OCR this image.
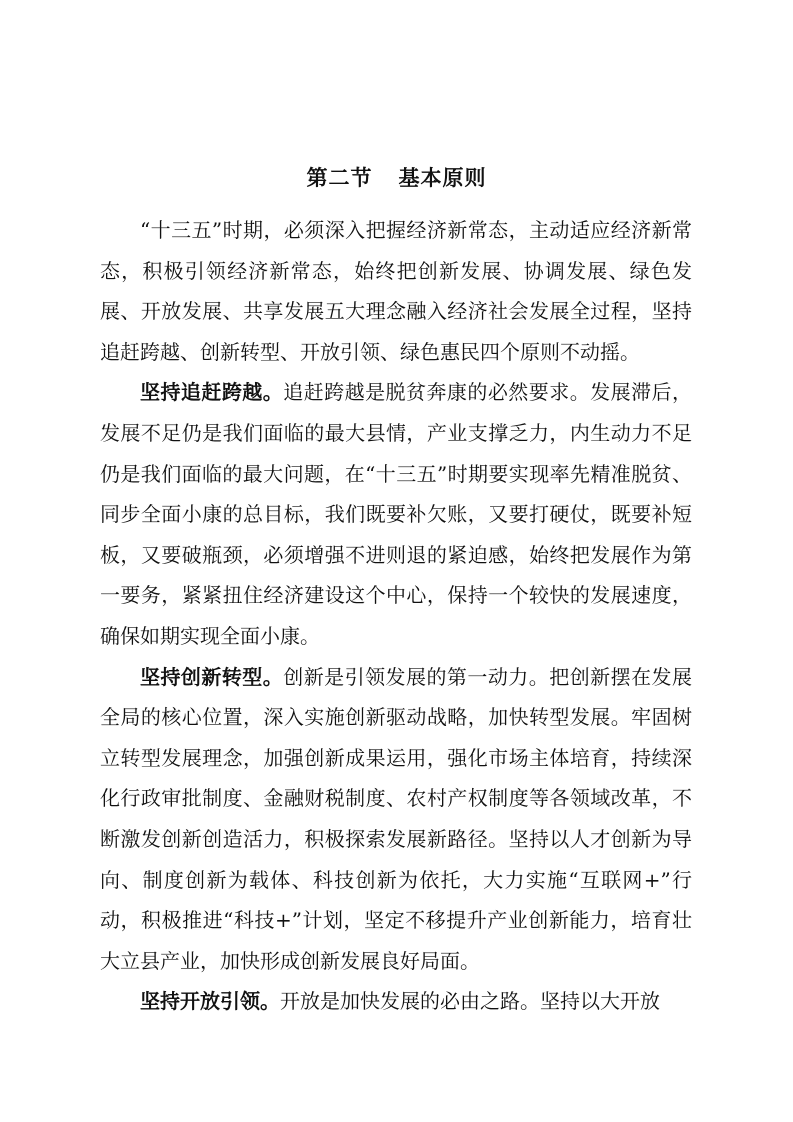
第二节 基本原则

“十三五”时期，必须深入把握经济新常态，主动适应经济新常态，积极引领经济新常态，始终把创新发展、协调发展、绿色发展、开放发展、共享发展五大理念融入经济社会发展全过程，坚持追赶跨越、创新转型、开放引领、绿色惠民四个原则不动摇。

坚持追赶跨越。追赶跨越是脱贫奔康的必然要求。发展滞后，发展不足仍是我们面临的最大县情，产业支撑乏力，内生动力不足仍是我们面临的最大问题，在“十三五”时期要实现率先精准脱贫、同步全面小康的总目标，我们既要补欠账，又要打硬仗，既要补短板，又要破瓶颈，必须增强不进则退的紧迫感，始终把发展作为第一要务，紧紧扭住经济建设这个中心，保持一个较快的发展速度，确保如期实现全面小康。

坚持创新转型。创新是引领发展的第一动力。把创新摆在发展全局的核心位置，深入实施创新驱动战略，加快转型发展。牢固树立转型发展理念，加强创新成果运用，强化市场主体培育，持续深化行政审批制度、金融财税制度、农村产权制度等各领域改革，不断激发创新创造活力，积极探索发展新路径。坚持以人才创新为导向、制度创新为载体、科技创新为依托，大力实施“互联网+”行动，积极推进“科技+”计划，坚定不移提升产业创新能力，培育壮大立县产业，加快形成创新发展良好局面。

坚持开放引领。开放是加快发展的必由之路。坚持以大开放
